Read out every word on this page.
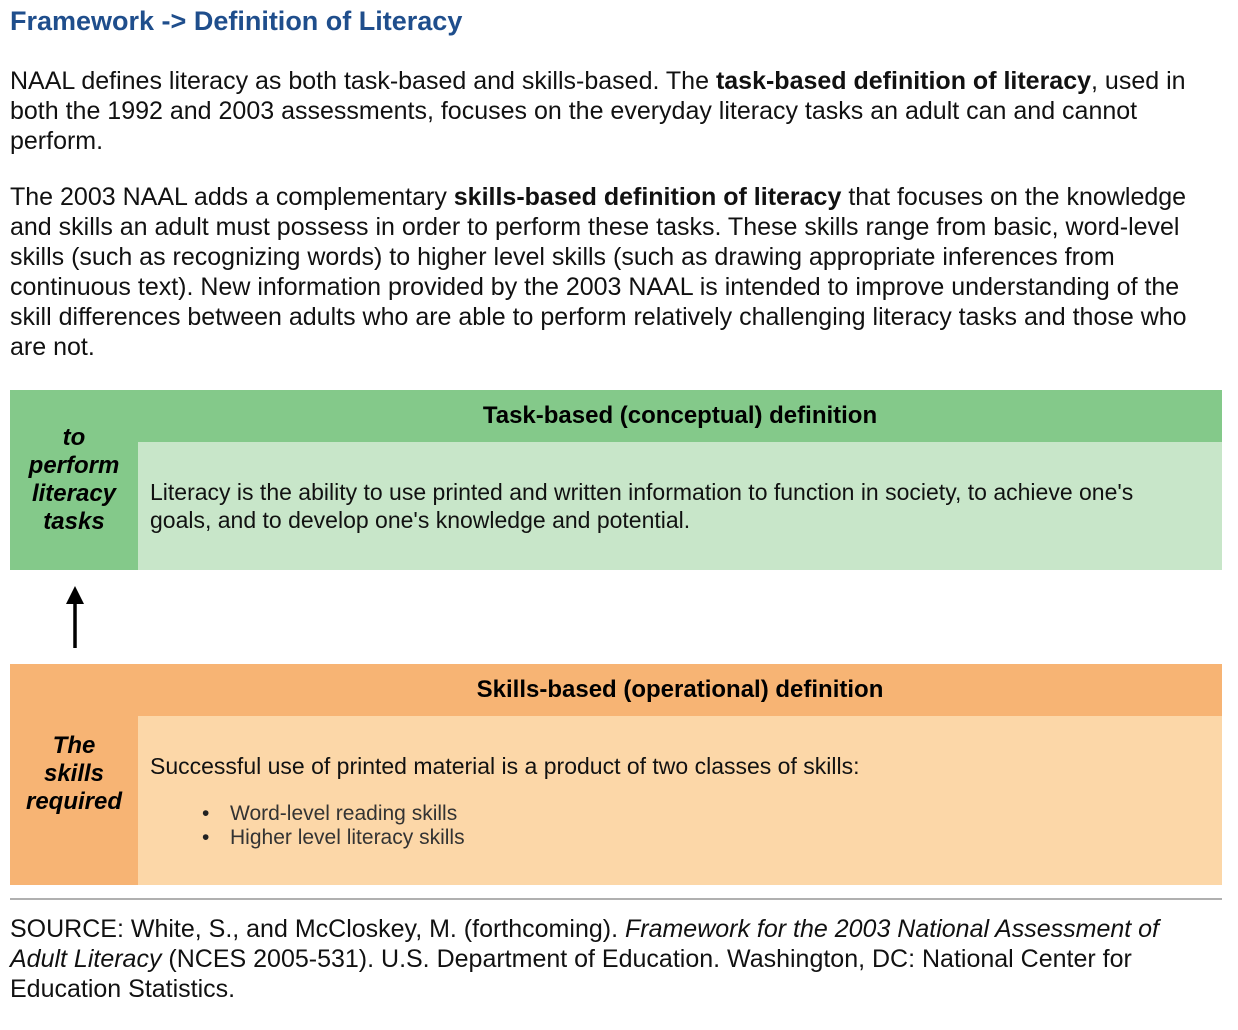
Framework -> Definition of Literacy

NAAL defines literacy as both task-based and skills-based. The task-based definition of literacy, used in both the 1992 and 2003 assessments, focuses on the everyday literacy tasks an adult can and cannot perform.

The 2003 NAAL adds a complementary skills-based definition of literacy that focuses on the knowledge and skills an adult must possess in order to perform these tasks. These skills range from basic, word-level skills (such as recognizing words) to higher level skills (such as drawing appropriate inferences from continuous text). New information provided by the 2003 NAAL is intended to improve understanding of the skill differences between adults who are able to perform relatively challenging literacy tasks and those who are not.

to
perform
literacy
tasks
Task-based (conceptual) definition

Literacy is the ability to use printed and written information to function in society, to achieve one's goals, and to develop one's knowledge and potential.

The
skills
required
Skills-based (operational) definition

Successful use of printed material is a product of two classes of skills:

• Word-level reading skills
• Higher level literacy skills

SOURCE: White, S., and McCloskey, M. (forthcoming). Framework for the 2003 National Assessment of Adult Literacy (NCES 2005-531). U.S. Department of Education. Washington, DC: National Center for Education Statistics.
